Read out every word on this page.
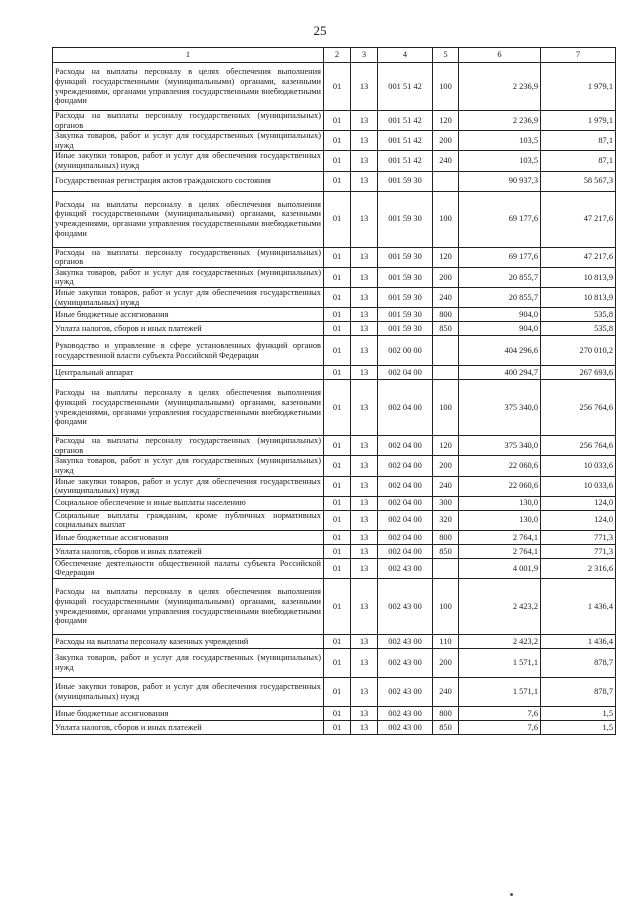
25
1	2	3	4	5	6	7
Расходы на выплаты персоналу в целях обеспечения выполнения функций государственными (муниципальными) органами, казенными учреждениями, органами управления государственными внебюджетными фондами	01	13	001 51 42	100	2 236,9	1 979,1
Расходы на выплаты персоналу государственных (муниципальных) органов	01	13	001 51 42	120	2 236,9	1 979,1
Закупка товаров, работ и услуг для государственных (муниципальных) нужд	01	13	001 51 42	200	103,5	87,1
Иные закупки товаров, работ и услуг для обеспечения государственных (муниципальных) нужд	01	13	001 51 42	240	103,5	87,1
Государственная регистрация актов гражданского состояния	01	13	001 59 30		90 937,3	58 567,3
Расходы на выплаты персоналу в целях обеспечения выполнения функций государственными (муниципальными) органами, казенными учреждениями, органами управления государственными внебюджетными фондами	01	13	001 59 30	100	69 177,6	47 217,6
Расходы на выплаты персоналу государственных (муниципальных) органов	01	13	001 59 30	120	69 177,6	47 217,6
Закупка товаров, работ и услуг для государственных (муниципальных) нужд	01	13	001 59 30	200	20 855,7	10 813,9
Иные закупки товаров, работ и услуг для обеспечения государственных (муниципальных) нужд	01	13	001 59 30	240	20 855,7	10 813,9
Иные бюджетные ассигнования	01	13	001 59 30	800	904,0	535,8
Уплата налогов, сборов и иных платежей	01	13	001 59 30	850	904,0	535,8
Руководство и управление в сфере установленных функций органов государственной власти субъекта Российской Федерации	01	13	002 00 00		404 296,6	270 010,2
Центральный аппарат	01	13	002 04 00		400 294,7	267 693,6
Расходы на выплаты персоналу в целях обеспечения выполнения функций государственными (муниципальными) органами, казенными учреждениями, органами управления государственными внебюджетными фондами	01	13	002 04 00	100	375 340,0	256 764,6
Расходы на выплаты персоналу государственных (муниципальных) органов	01	13	002 04 00	120	375 340,0	256 764,6
Закупка товаров, работ и услуг для государственных (муниципальных) нужд	01	13	002 04 00	200	22 060,6	10 033,6
Иные закупки товаров, работ и услуг для обеспечения государственных (муниципальных) нужд	01	13	002 04 00	240	22 060,6	10 033,6
Социальное обеспечение и иные выплаты населению	01	13	002 04 00	300	130,0	124,0
Социальные выплаты гражданам, кроме публичных нормативных социальных выплат	01	13	002 04 00	320	130,0	124,0
Иные бюджетные ассигнования	01	13	002 04 00	800	2 764,1	771,3
Уплата налогов, сборов и иных платежей	01	13	002 04 00	850	2 764,1	771,3
Обеспечение деятельности общественной палаты субъекта Российской Федерации	01	13	002 43 00		4 001,9	2 316,6
Расходы на выплаты персоналу в целях обеспечения выполнения функций государственными (муниципальными) органами, казенными учреждениями, органами управления государственными внебюджетными фондами	01	13	002 43 00	100	2 423,2	1 436,4
Расходы на выплаты персоналу казенных учреждений	01	13	002 43 00	110	2 423,2	1 436,4
Закупка товаров, работ и услуг для государственных (муниципальных) нужд	01	13	002 43 00	200	1 571,1	878,7
Иные закупки товаров, работ и услуг для обеспечения государственных (муниципальных) нужд	01	13	002 43 00	240	1 571,1	878,7
Иные бюджетные ассигнования	01	13	002 43 00	800	7,6	1,5
Уплата налогов, сборов и иных платежей	01	13	002 43 00	850	7,6	1,5
